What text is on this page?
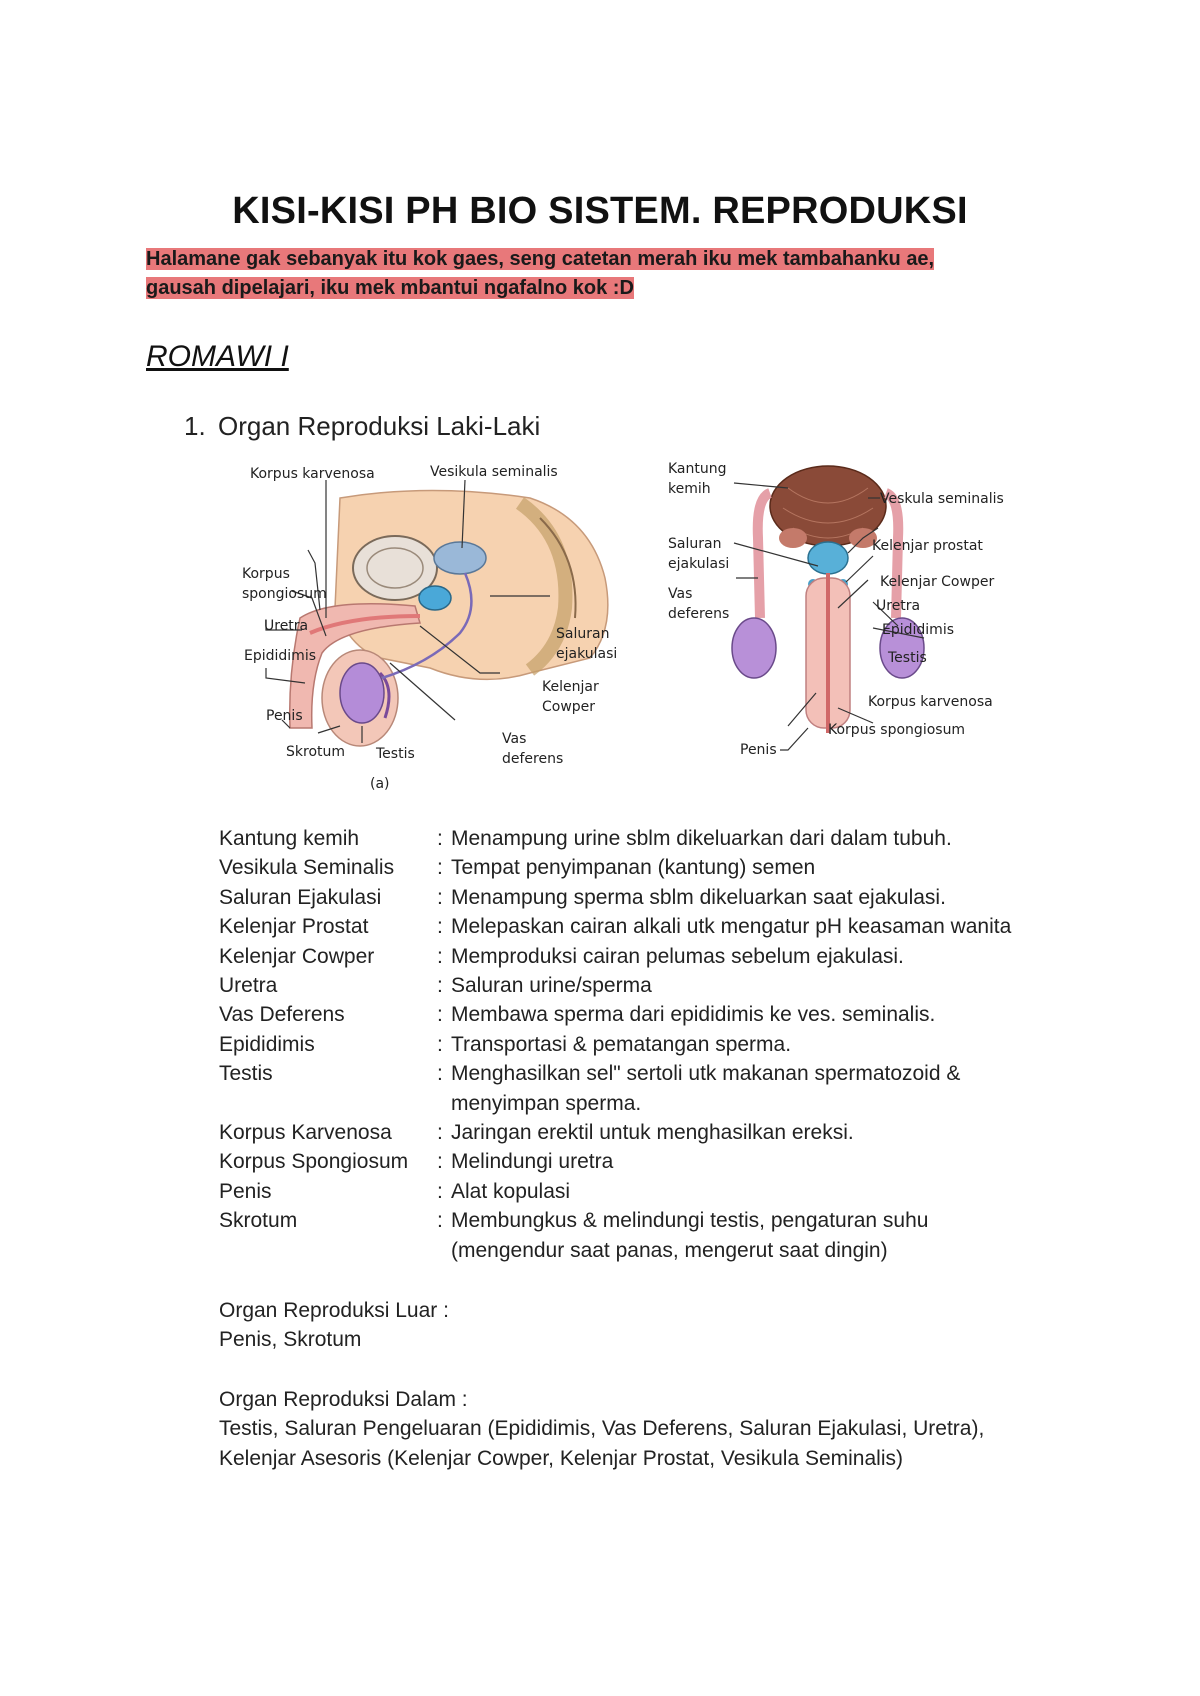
KISI-KISI PH BIO SISTEM. REPRODUKSI
Halamane gak sebanyak itu kok gaes, seng catetan merah iku mek tambahanku ae,
gausah dipelajari, iku mek mbantui ngafalno kok :D
ROMAWI I
1. Organ Reproduksi Laki-Laki
Korpus karvenosa	Vesikula seminalis
Korpus
spongiosum
Uretra
Epididimis
Penis
Skrotum Testis
Saluran
ejakulasi
Kelenjar
Cowper
Vas
deferens
(a)
Kantung
kemih
Veskula seminalis
Kelenjar prostat
Saluran
ejakulasi
Kelenjar Cowper
Uretra
Vas
deferens
Epididimis
Testis
Korpus karvenosa
Korpus spongiosum
Penis
Kantung kemih	: Menampung urine sblm dikeluarkan dari dalam tubuh.
Vesikula Seminalis	: Tempat penyimpanan (kantung) semen
Saluran Ejakulasi	: Menampung sperma sblm dikeluarkan saat ejakulasi.
Kelenjar Prostat	: Melepaskan cairan alkali utk mengatur pH keasaman wanita
Kelenjar Cowper	: Memproduksi cairan pelumas sebelum ejakulasi.
Uretra	: Saluran urine/sperma
Vas Deferens	: Membawa sperma dari epididimis ke ves. seminalis.
Epididimis	: Transportasi & pematangan sperma.
Testis	: Menghasilkan sel" sertoli utk makanan spermatozoid &
menyimpan sperma.
Korpus Karvenosa	: Jaringan erektil untuk menghasilkan ereksi.
Korpus Spongiosum	: Melindungi uretra
Penis	: Alat kopulasi
Skrotum	: Membungkus & melindungi testis, pengaturan suhu
(mengendur saat panas, mengerut saat dingin)
Organ Reproduksi Luar :
Penis, Skrotum
Organ Reproduksi Dalam :
Testis, Saluran Pengeluaran (Epididimis, Vas Deferens, Saluran Ejakulasi, Uretra),
Kelenjar Asesoris (Kelenjar Cowper, Kelenjar Prostat, Vesikula Seminalis)
